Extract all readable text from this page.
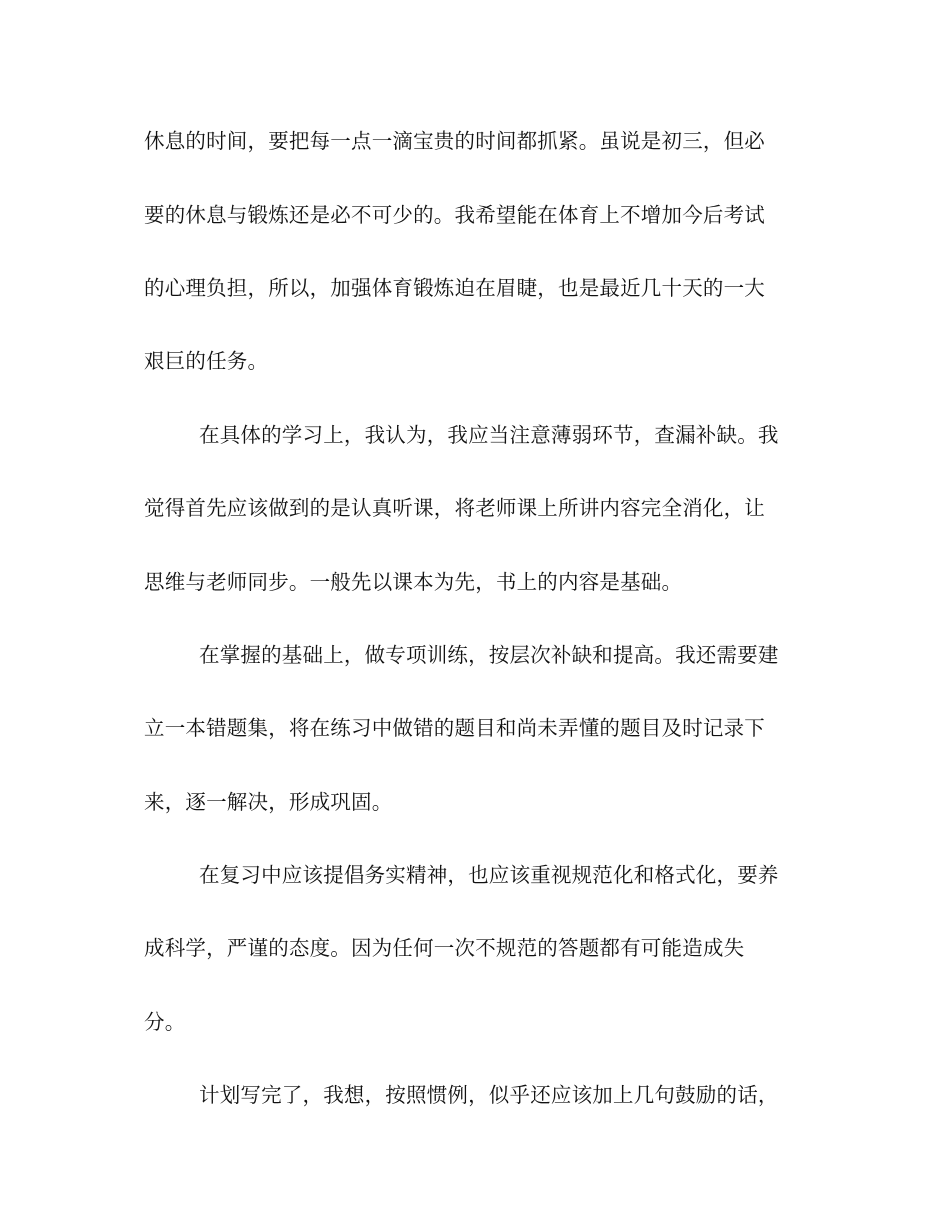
休息的时间，要把每一点一滴宝贵的时间都抓紧。虽说是初三，但必
要的休息与锻炼还是必不可少的。我希望能在体育上不增加今后考试
的心理负担，所以，加强体育锻炼迫在眉睫，也是最近几十天的一大
艰巨的任务。
在具体的学习上，我认为，我应当注意薄弱环节，查漏补缺。我
觉得首先应该做到的是认真听课，将老师课上所讲内容完全消化，让
思维与老师同步。一般先以课本为先，书上的内容是基础。
在掌握的基础上，做专项训练，按层次补缺和提高。我还需要建
立一本错题集，将在练习中做错的题目和尚未弄懂的题目及时记录下
来，逐一解决，形成巩固。
在复习中应该提倡务实精神，也应该重视规范化和格式化，要养
成科学，严谨的态度。因为任何一次不规范的答题都有可能造成失
分。
计划写完了，我想，按照惯例，似乎还应该加上几句鼓励的话，
